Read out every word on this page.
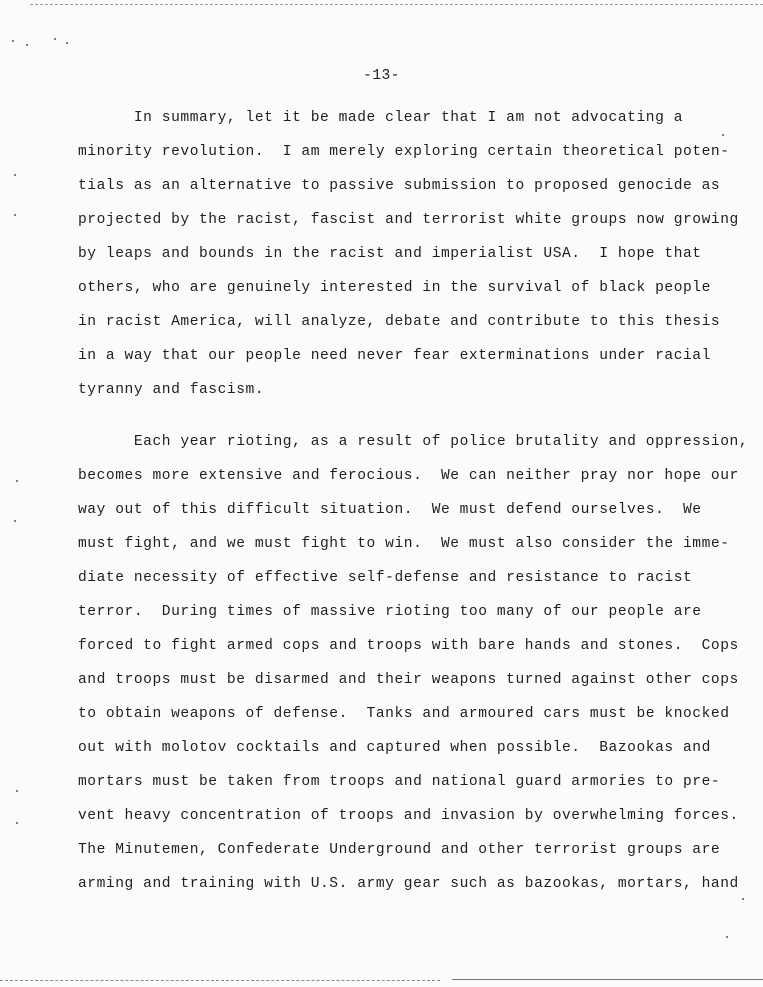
-13-
In summary, let it be made clear that I am not advocating a
minority revolution.  I am merely exploring certain theoretical poten-
tials as an alternative to passive submission to proposed genocide as
projected by the racist, fascist and terrorist white groups now growing
by leaps and bounds in the racist and imperialist USA.  I hope that
others, who are genuinely interested in the survival of black people
in racist America, will analyze, debate and contribute to this thesis
in a way that our people need never fear exterminations under racial
tyranny and fascism.
Each year rioting, as a result of police brutality and oppression,
becomes more extensive and ferocious.  We can neither pray nor hope our
way out of this difficult situation.  We must defend ourselves.  We
must fight, and we must fight to win.  We must also consider the imme-
diate necessity of effective self-defense and resistance to racist
terror.  During times of massive rioting too many of our people are
forced to fight armed cops and troops with bare hands and stones.  Cops
and troops must be disarmed and their weapons turned against other cops
to obtain weapons of defense.  Tanks and armoured cars must be knocked
out with molotov cocktails and captured when possible.  Bazookas and
mortars must be taken from troops and national guard armories to pre-
vent heavy concentration of troops and invasion by overwhelming forces.
The Minutemen, Confederate Underground and other terrorist groups are
arming and training with U.S. army gear such as bazookas, mortars, hand
